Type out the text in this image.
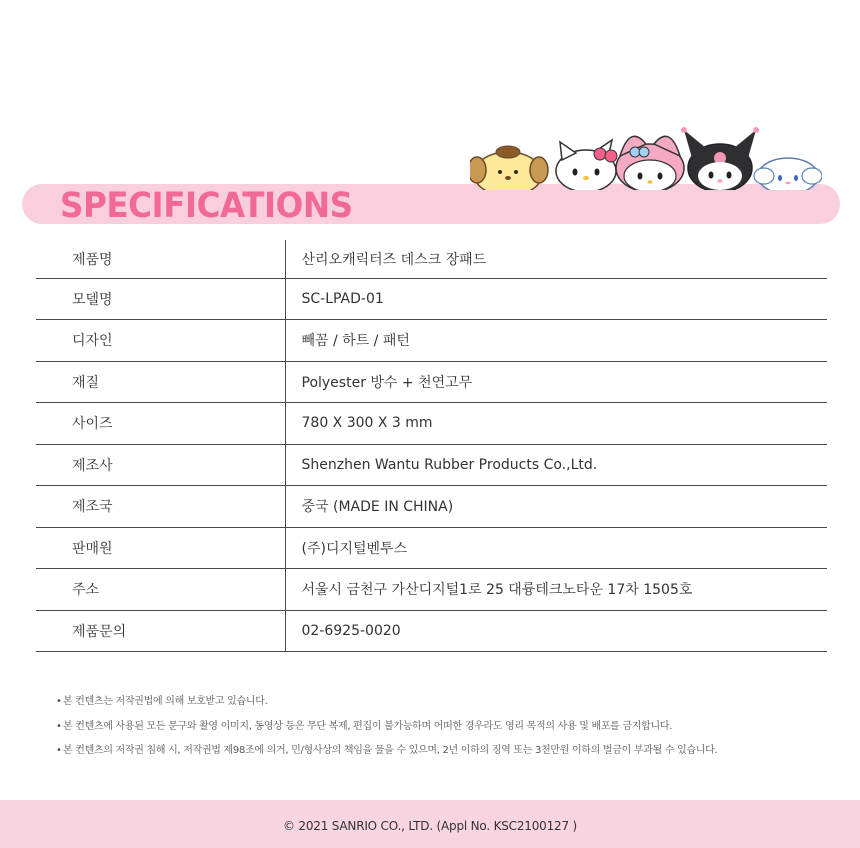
SPECIFICATIONS
제품명	산리오캐릭터즈 데스크 장패드
모델명	SC-LPAD-01
디자인	빼꼼 / 하트 / 패턴
재질	Polyester 방수 + 천연고무
사이즈	780 X 300 X 3 mm
제조사	Shenzhen Wantu Rubber Products Co.,Ltd.
제조국	중국 (MADE IN CHINA)
판매원	(주)디지털벤투스
주소	서울시 금천구 가산디지털1로 25 대륭테크노타운 17차 1505호
제품문의	02-6925-0020
•본 컨텐츠는 저작권법에 의해 보호받고 있습니다.
•본 컨텐츠에 사용된 모든 문구와 촬영 이미지, 동영상 등은 무단 복제, 편집이 불가능하며 어떠한 경우라도 영리 목적의 사용 및 배포를 금지합니다.
•본 컨텐츠의 저작권 침해 시, 저작권법 제98조에 의거, 민/형사상의 책임을 물을 수 있으며, 2년 이하의 징역 또는 3천만원 이하의 벌금이 부과될 수 있습니다.
© 2021 SANRIO CO., LTD. (Appl No. KSC2100127 )
